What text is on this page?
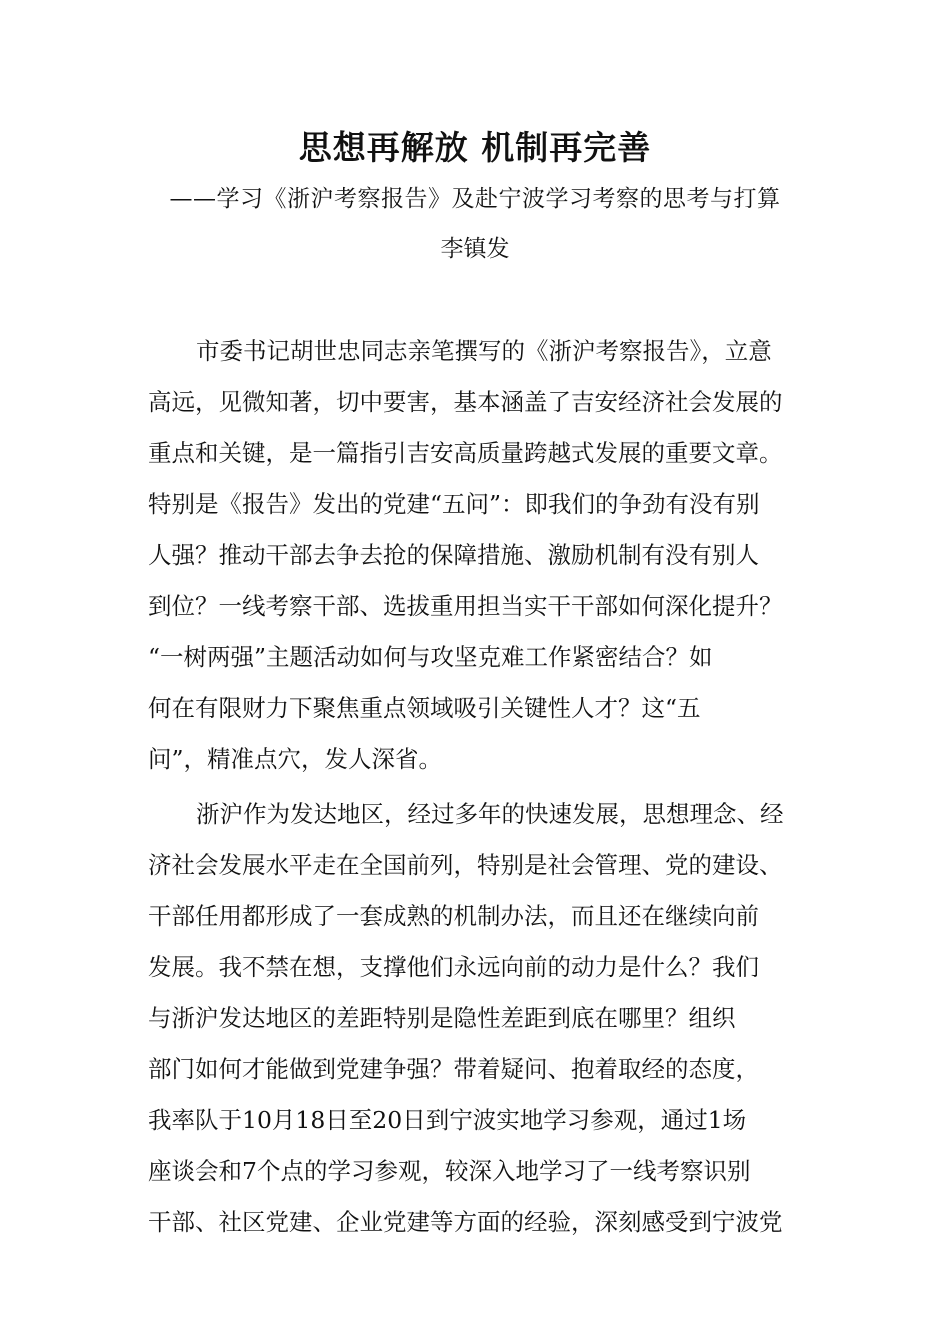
思想再解放 机制再完善
——学习《浙沪考察报告》及赴宁波学习考察的思考与打算
李镇发
市委书记胡世忠同志亲笔撰写的《浙沪考察报告》，立意
高远，见微知著，切中要害，基本涵盖了吉安经济社会发展的
重点和关键，是一篇指引吉安高质量跨越式发展的重要文章。
特别是《报告》发出的党建“五问”：即我们的争劲有没有别
人强？推动干部去争去抢的保障措施、激励机制有没有别人
到位？一线考察干部、选拔重用担当实干干部如何深化提升？
“一树两强”主题活动如何与攻坚克难工作紧密结合？如
何在有限财力下聚焦重点领域吸引关键性人才？这“五
问”，精准点穴，发人深省。
浙沪作为发达地区，经过多年的快速发展，思想理念、经
济社会发展水平走在全国前列，特别是社会管理、党的建设、
干部任用都形成了一套成熟的机制办法，而且还在继续向前
发展。我不禁在想，支撑他们永远向前的动力是什么？我们
与浙沪发达地区的差距特别是隐性差距到底在哪里？组织
部门如何才能做到党建争强？带着疑问、抱着取经的态度，
我率队于10月18日至20日到宁波实地学习参观，通过1场
座谈会和7个点的学习参观，较深入地学习了一线考察识别
干部、社区党建、企业党建等方面的经验，深刻感受到宁波党
